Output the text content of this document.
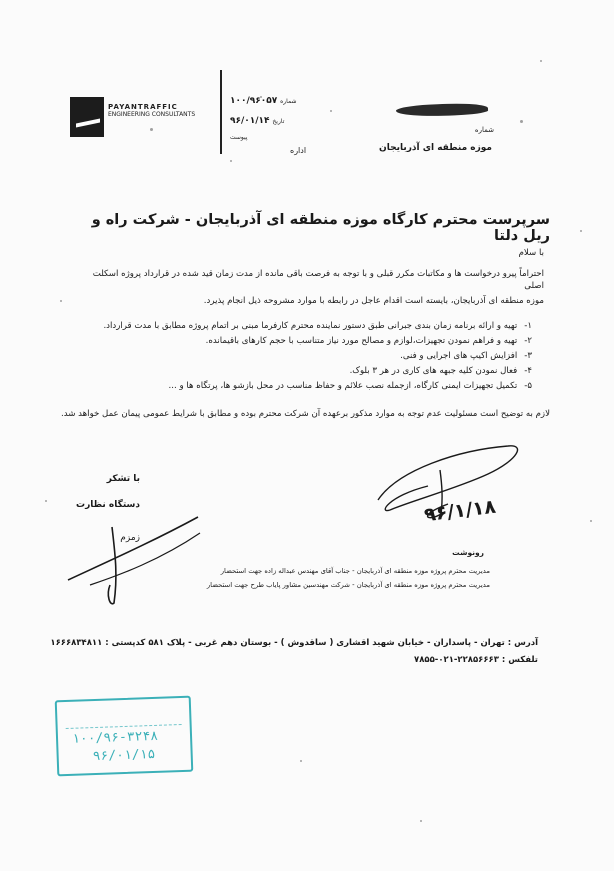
PAYANTRAFFIC
ENGINEERING CONSULTANTS
شماره ۱۰۰/۹۶۰۵۷
تاریخ ۹۶/۰۱/۱۴
پیوست
اداره
شماره
موزه منطقه ای آذربایجان
سرپرست محترم کارگاه موزه منطقه ای آذربایجان - شرکت راه و ریل دلتا
با سلام
احتراماً پیرو درخواست ها و مکاتبات مکرر قبلی و با توجه به فرصت باقی مانده از مدت زمان قید شده در قرارداد پروژه اسکلت اصلی
موزه منطقه ای آذربایجان، بایسته است اقدام عاجل در رابطه با موارد مشروحه ذیل انجام پذیرد.
۱- تهیه و ارائه برنامه زمان بندی جبرانی طبق دستور نماینده محترم کارفرما مبنی بر اتمام پروژه مطابق با مدت قرارداد.
۲- تهیه و فراهم نمودن تجهیزات،لوازم و مصالح مورد نیاز متناسب با حجم کارهای باقیمانده.
۳- افزایش اکیپ های اجرایی و فنی.
۴- فعال نمودن کلیه جبهه های کاری در هر ۳ بلوک.
۵- تکمیل تجهیزات ایمنی کارگاه، ازجمله نصب علائم و حفاظ مناسب در محل بازشو ها، پرتگاه ها و ...
لازم به توضیح است مسئولیت عدم توجه به موارد مذکور برعهده آن شرکت محترم بوده و مطابق با شرایط عمومی پیمان عمل خواهد شد.
با تشکر
دستگاه نظارت
زمزم
۹۶/۱/۱۸
رونوشت
مدیریت محترم پروژه موزه منطقه ای آذربایجان - جناب آقای مهندس عبداله زاده جهت استحضار
مدیریت محترم پروژه موزه منطقه ای آذربایجان - شرکت مهندسین مشاور پایاب طرح جهت استحضار
آدرس : تهران - پاسداران - خیابان شهید اقشاری ( ساقدوش ) - بوستان دهم غربی - پلاک ۵۸۱ کدپستی : ۱۶۶۶۸۳۴۸۱۱
تلفکس : ۲۲۸۵۶۶۶۳-۰۲۱-۷۸۵۵
۱۰۰/۹۶-۳۲۴۸
۹۶/۰۱/۱۵
